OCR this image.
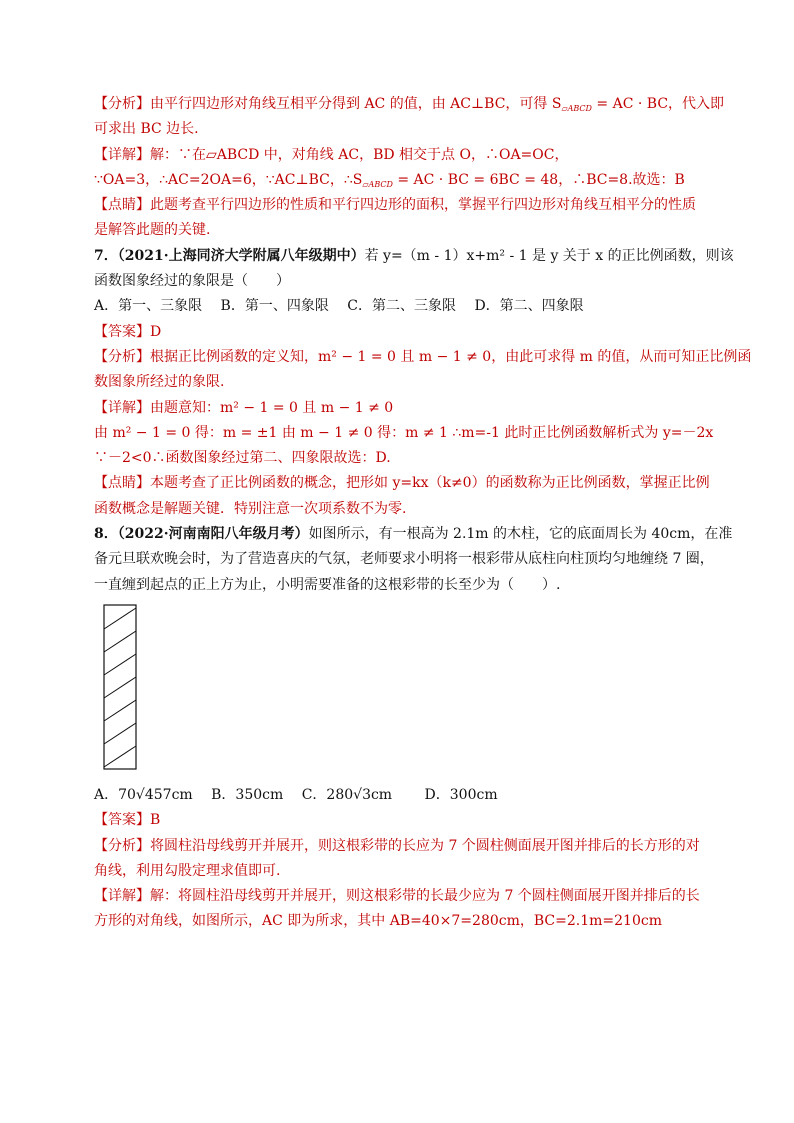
【分析】由平行四边形对角线互相平分得到 AC 的值，由 AC⊥BC，可得 $S_{▱ABCD}$ = AC · BC，代入即
可求出 BC 边长.
【详解】解：∵在▱ABCD 中，对角线 AC，BD 相交于点 O，∴OA=OC，
∵OA=3，∴AC=2OA=6，∵AC⊥BC，$\therefore S_{▱ABCD}$ = AC · BC = 6BC = 48，∴BC=8.故选：B
【点睛】此题考查平行四边形的性质和平行四边形的面积，掌握平行四边形对角线互相平分的性质
是解答此题的关键.
7．（2021·上海同济大学附属八年级期中）若 y=（m - 1）x+m² - 1 是 y 关于 x 的正比例函数，则该
函数图象经过的象限是（　　）
A．第一、三象限　 B．第一、四象限　 C．第二、三象限　 D．第二、四象限
【答案】D
【分析】根据正比例函数的定义知，m² − 1 = 0 且 m − 1 ≠ 0，由此可求得 m 的值，从而可知正比例函
数图象所经过的象限.
【详解】由题意知：m² − 1 = 0 且 m − 1 ≠ 0
由 m² − 1 = 0 得：m = ±1 由 m − 1 ≠ 0 得：m ≠ 1 ∴m=-1 此时正比例函数解析式为 y=－2x
∵－2<0∴函数图象经过第二、四象限故选：D.
【点睛】本题考查了正比例函数的概念，把形如 y=kx（k≠0）的函数称为正比例函数，掌握正比例
函数概念是解题关键．特别注意一次项系数不为零.
8．（2022·河南南阳八年级月考）如图所示，有一根高为 2.1m 的木柱，它的底面周长为 40cm，在准
备元旦联欢晚会时，为了营造喜庆的气氛，老师要求小明将一根彩带从底柱向柱顶均匀地缠绕 7 圈，
一直缠到起点的正上方为止，小明需要准备的这根彩带的长至少为（　　）.
A．70√457cm　 B．350cm　 C．280√3cm　　 D．300cm
【答案】B
【分析】将圆柱沿母线剪开并展开，则这根彩带的长应为 7 个圆柱侧面展开图并排后的长方形的对
角线，利用勾股定理求值即可.
【详解】解：将圆柱沿母线剪开并展开，则这根彩带的长最少应为 7 个圆柱侧面展开图并排后的长
方形的对角线，如图所示，AC 即为所求，其中 AB=40×7=280cm，BC=2.1m=210cm
